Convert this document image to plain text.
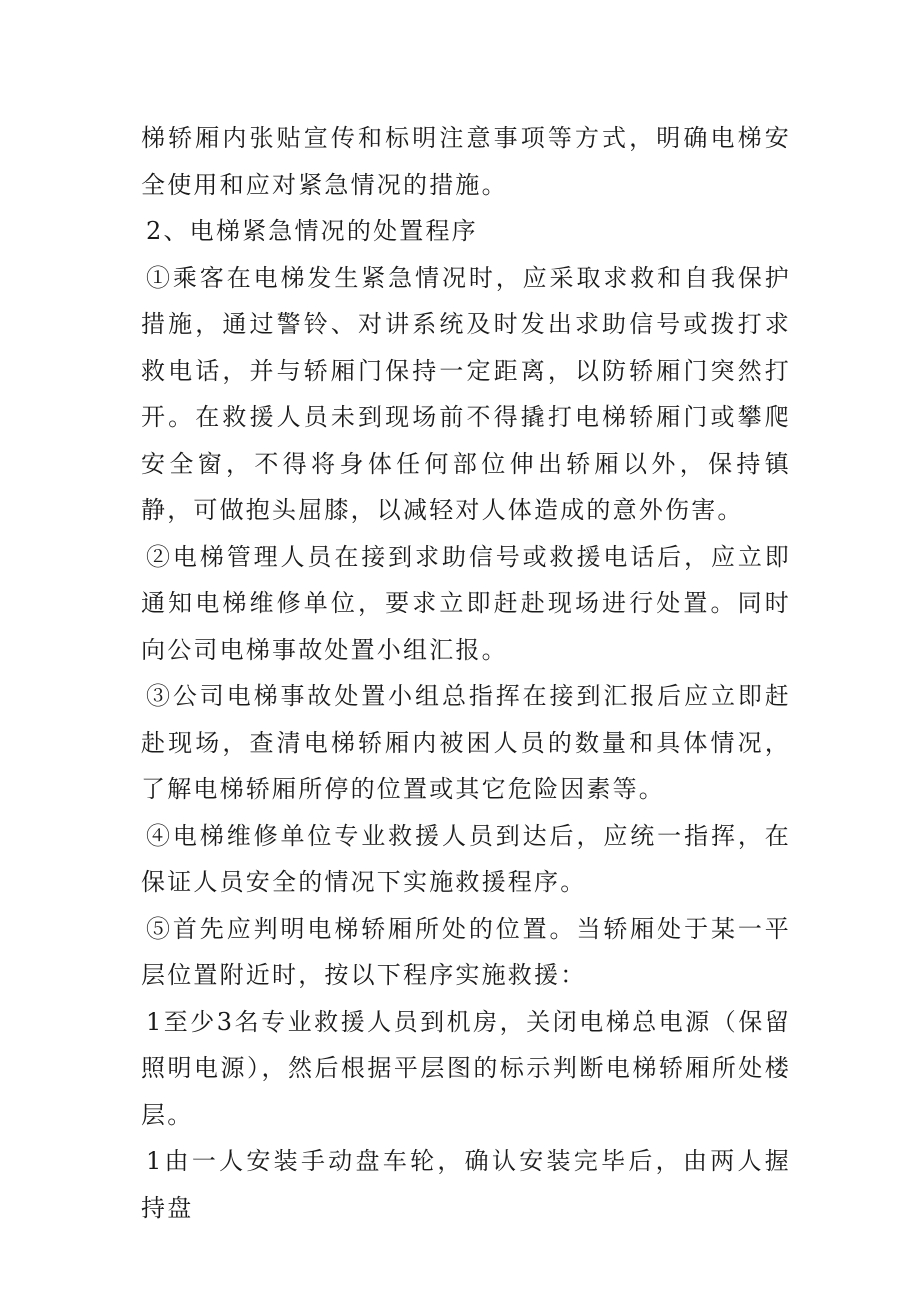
梯轿厢内张贴宣传和标明注意事项等方式，明确电梯安全使用和应对紧急情况的措施。

2、电梯紧急情况的处置程序

①乘客在电梯发生紧急情况时，应采取求救和自我保护措施，通过警铃、对讲系统及时发出求助信号或拨打求救电话，并与轿厢门保持一定距离，以防轿厢门突然打开。在救援人员未到现场前不得撬打电梯轿厢门或攀爬安全窗，不得将身体任何部位伸出轿厢以外，保持镇静，可做抱头屈膝，以减轻对人体造成的意外伤害。

②电梯管理人员在接到求助信号或救援电话后，应立即通知电梯维修单位，要求立即赶赴现场进行处置。同时向公司电梯事故处置小组汇报。

③公司电梯事故处置小组总指挥在接到汇报后应立即赶赴现场，查清电梯轿厢内被困人员的数量和具体情况，了解电梯轿厢所停的位置或其它危险因素等。

④电梯维修单位专业救援人员到达后，应统一指挥，在保证人员安全的情况下实施救援程序。

⑤首先应判明电梯轿厢所处的位置。当轿厢处于某一平层位置附近时，按以下程序实施救援：

1至少3名专业救援人员到机房，关闭电梯总电源（保留照明电源），然后根据平层图的标示判断电梯轿厢所处楼层。

1由一人安装手动盘车轮，确认安装完毕后，由两人握持盘
